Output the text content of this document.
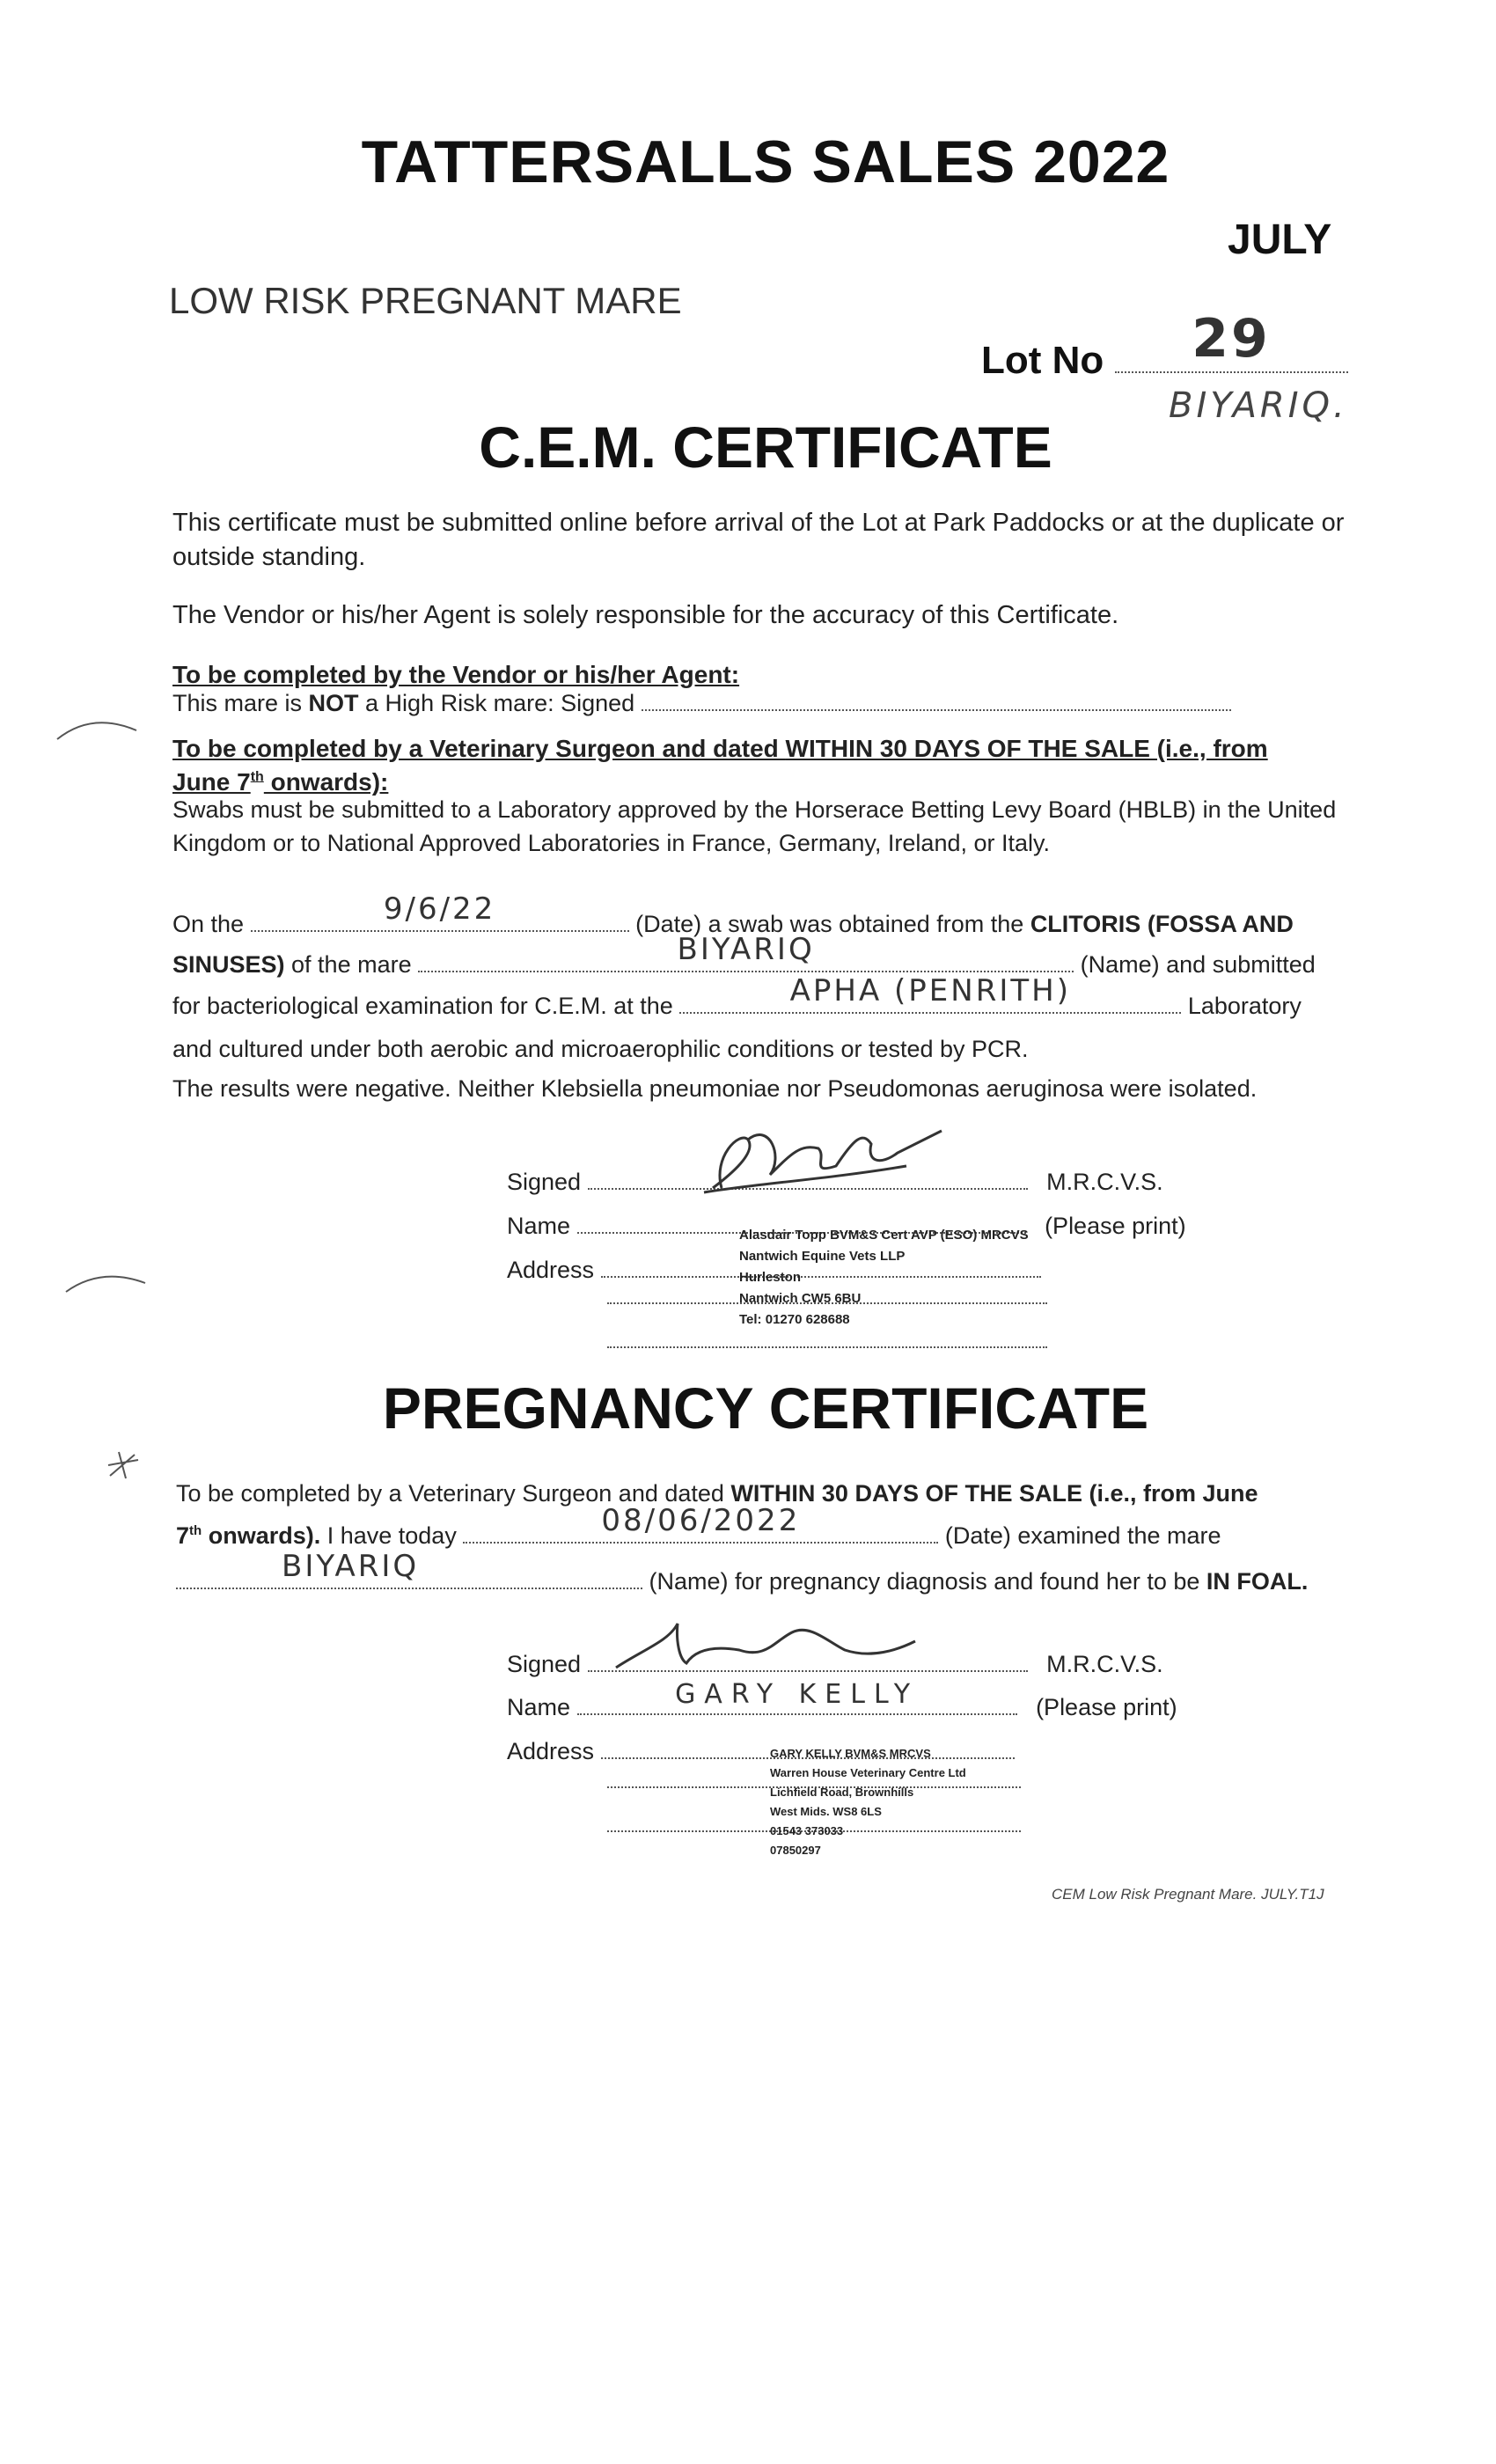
TATTERSALLS SALES 2022
JULY
LOW RISK PREGNANT MARE
Lot No	29
BIYARIQ.
C.E.M. CERTIFICATE
This certificate must be submitted online before arrival of the Lot at Park Paddocks or at the duplicate or outside standing.
The Vendor or his/her Agent is solely responsible for the accuracy of this Certificate.
To be completed by the Vendor or his/her Agent:
This mare is NOT a High Risk mare: Signed
To be completed by a Veterinary Surgeon and dated WITHIN 30 DAYS OF THE SALE (i.e., from
June 7th onwards):
Swabs must be submitted to a Laboratory approved by the Horserace Betting Levy Board (HBLB) in the United Kingdom or to National Approved Laboratories in France, Germany, Ireland, or Italy.
On the	9/6/22	(Date) a swab was obtained from the CLITORIS (FOSSA AND
SINUSES) of the mare	BIYARIQ	(Name) and submitted
for bacteriological examination for C.E.M. at the	APHA (PENRITH)	Laboratory
and cultured under both aerobic and microaerophilic conditions or tested by PCR.
The results were negative. Neither Klebsiella pneumoniae nor Pseudomonas aeruginosa were isolated.
Signed	M.R.C.V.S.
Name	(Please print)
Address
Alasdair Topp BVM&S Cert AVP (ESO) MRCVS
Nantwich Equine Vets LLP
Hurleston
Nantwich CW5 6BU
Tel: 01270 628688
PREGNANCY CERTIFICATE
To be completed by a Veterinary Surgeon and dated WITHIN 30 DAYS OF THE SALE (i.e., from June
7th onwards). I have today	08/06/2022	(Date) examined the mare
BIYARIQ	(Name) for pregnancy diagnosis and found her to be IN FOAL.
Signed	M.R.C.V.S.
Name	GARY KELLY	(Please print)
Address	GARY KELLY BVM&S MRCVS
Warren House Veterinary Centre Ltd
Lichfield Road, Brownhills
West Mids. WS8 6LS
01543 373033
07850297
CEM Low Risk Pregnant Mare. JULY.T1J
